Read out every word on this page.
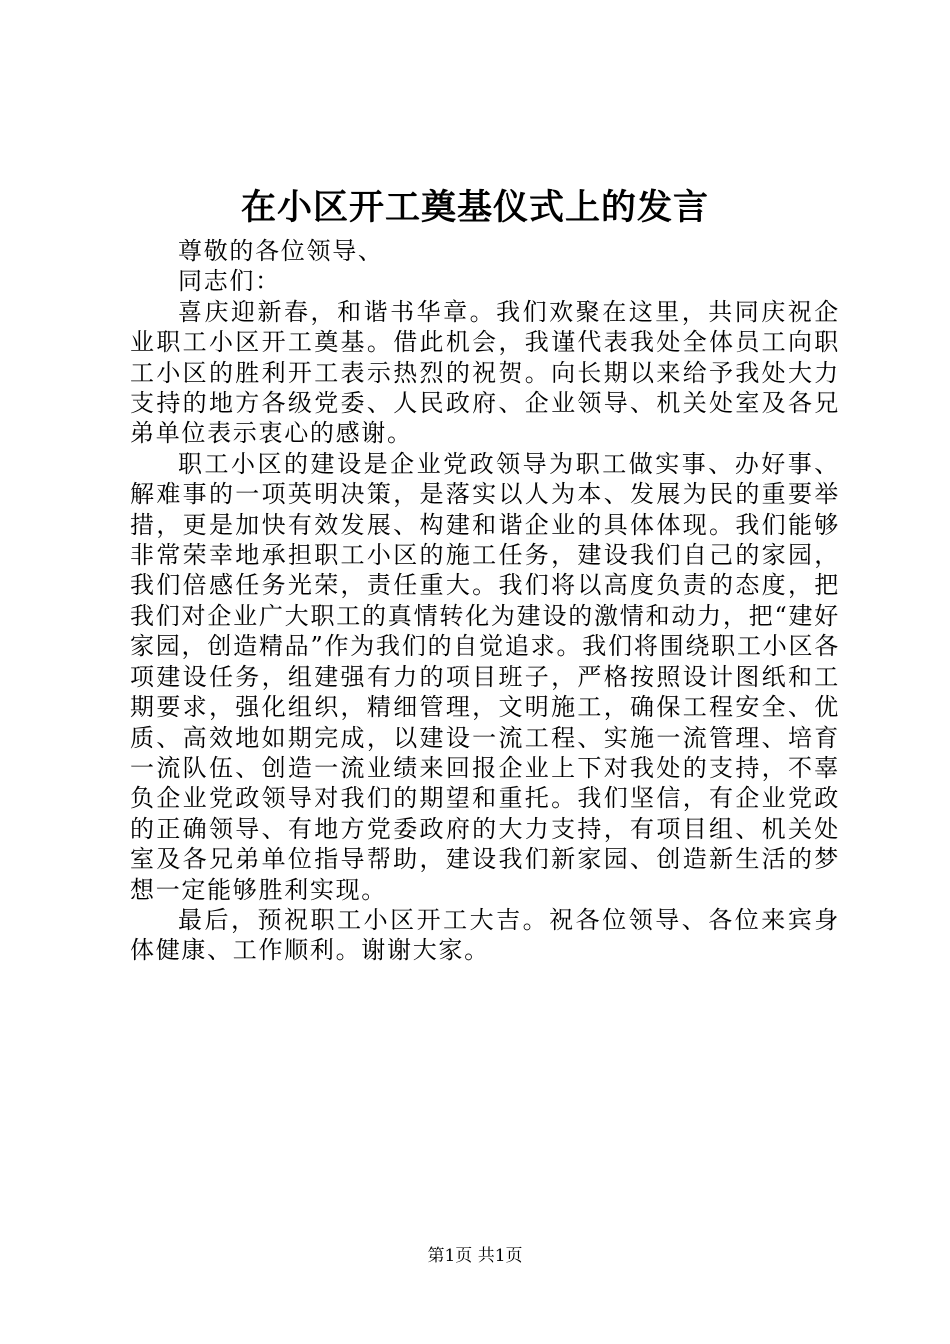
在小区开工奠基仪式上的发言

尊敬的各位领导、

同志们：

喜庆迎新春，和谐书华章。我们欢聚在这里，共同庆祝企业职工小区开工奠基。借此机会，我谨代表我处全体员工向职工小区的胜利开工表示热烈的祝贺。向长期以来给予我处大力支持的地方各级党委、人民政府、企业领导、机关处室及各兄弟单位表示衷心的感谢。

职工小区的建设是企业党政领导为职工做实事、办好事、解难事的一项英明决策，是落实以人为本、发展为民的重要举措，更是加快有效发展、构建和谐企业的具体体现。我们能够非常荣幸地承担职工小区的施工任务，建设我们自己的家园，我们倍感任务光荣，责任重大。我们将以高度负责的态度，把我们对企业广大职工的真情转化为建设的激情和动力，把“建好家园，创造精品”作为我们的自觉追求。我们将围绕职工小区各项建设任务，组建强有力的项目班子，严格按照设计图纸和工期要求，强化组织，精细管理，文明施工，确保工程安全、优质、高效地如期完成，以建设一流工程、实施一流管理、培育一流队伍、创造一流业绩来回报企业上下对我处的支持，不辜负企业党政领导对我们的期望和重托。我们坚信，有企业党政的正确领导、有地方党委政府的大力支持，有项目组、机关处室及各兄弟单位指导帮助，建设我们新家园、创造新生活的梦想一定能够胜利实现。

最后，预祝职工小区开工大吉。祝各位领导、各位来宾身体健康、工作顺利。谢谢大家。

第1页 共1页
